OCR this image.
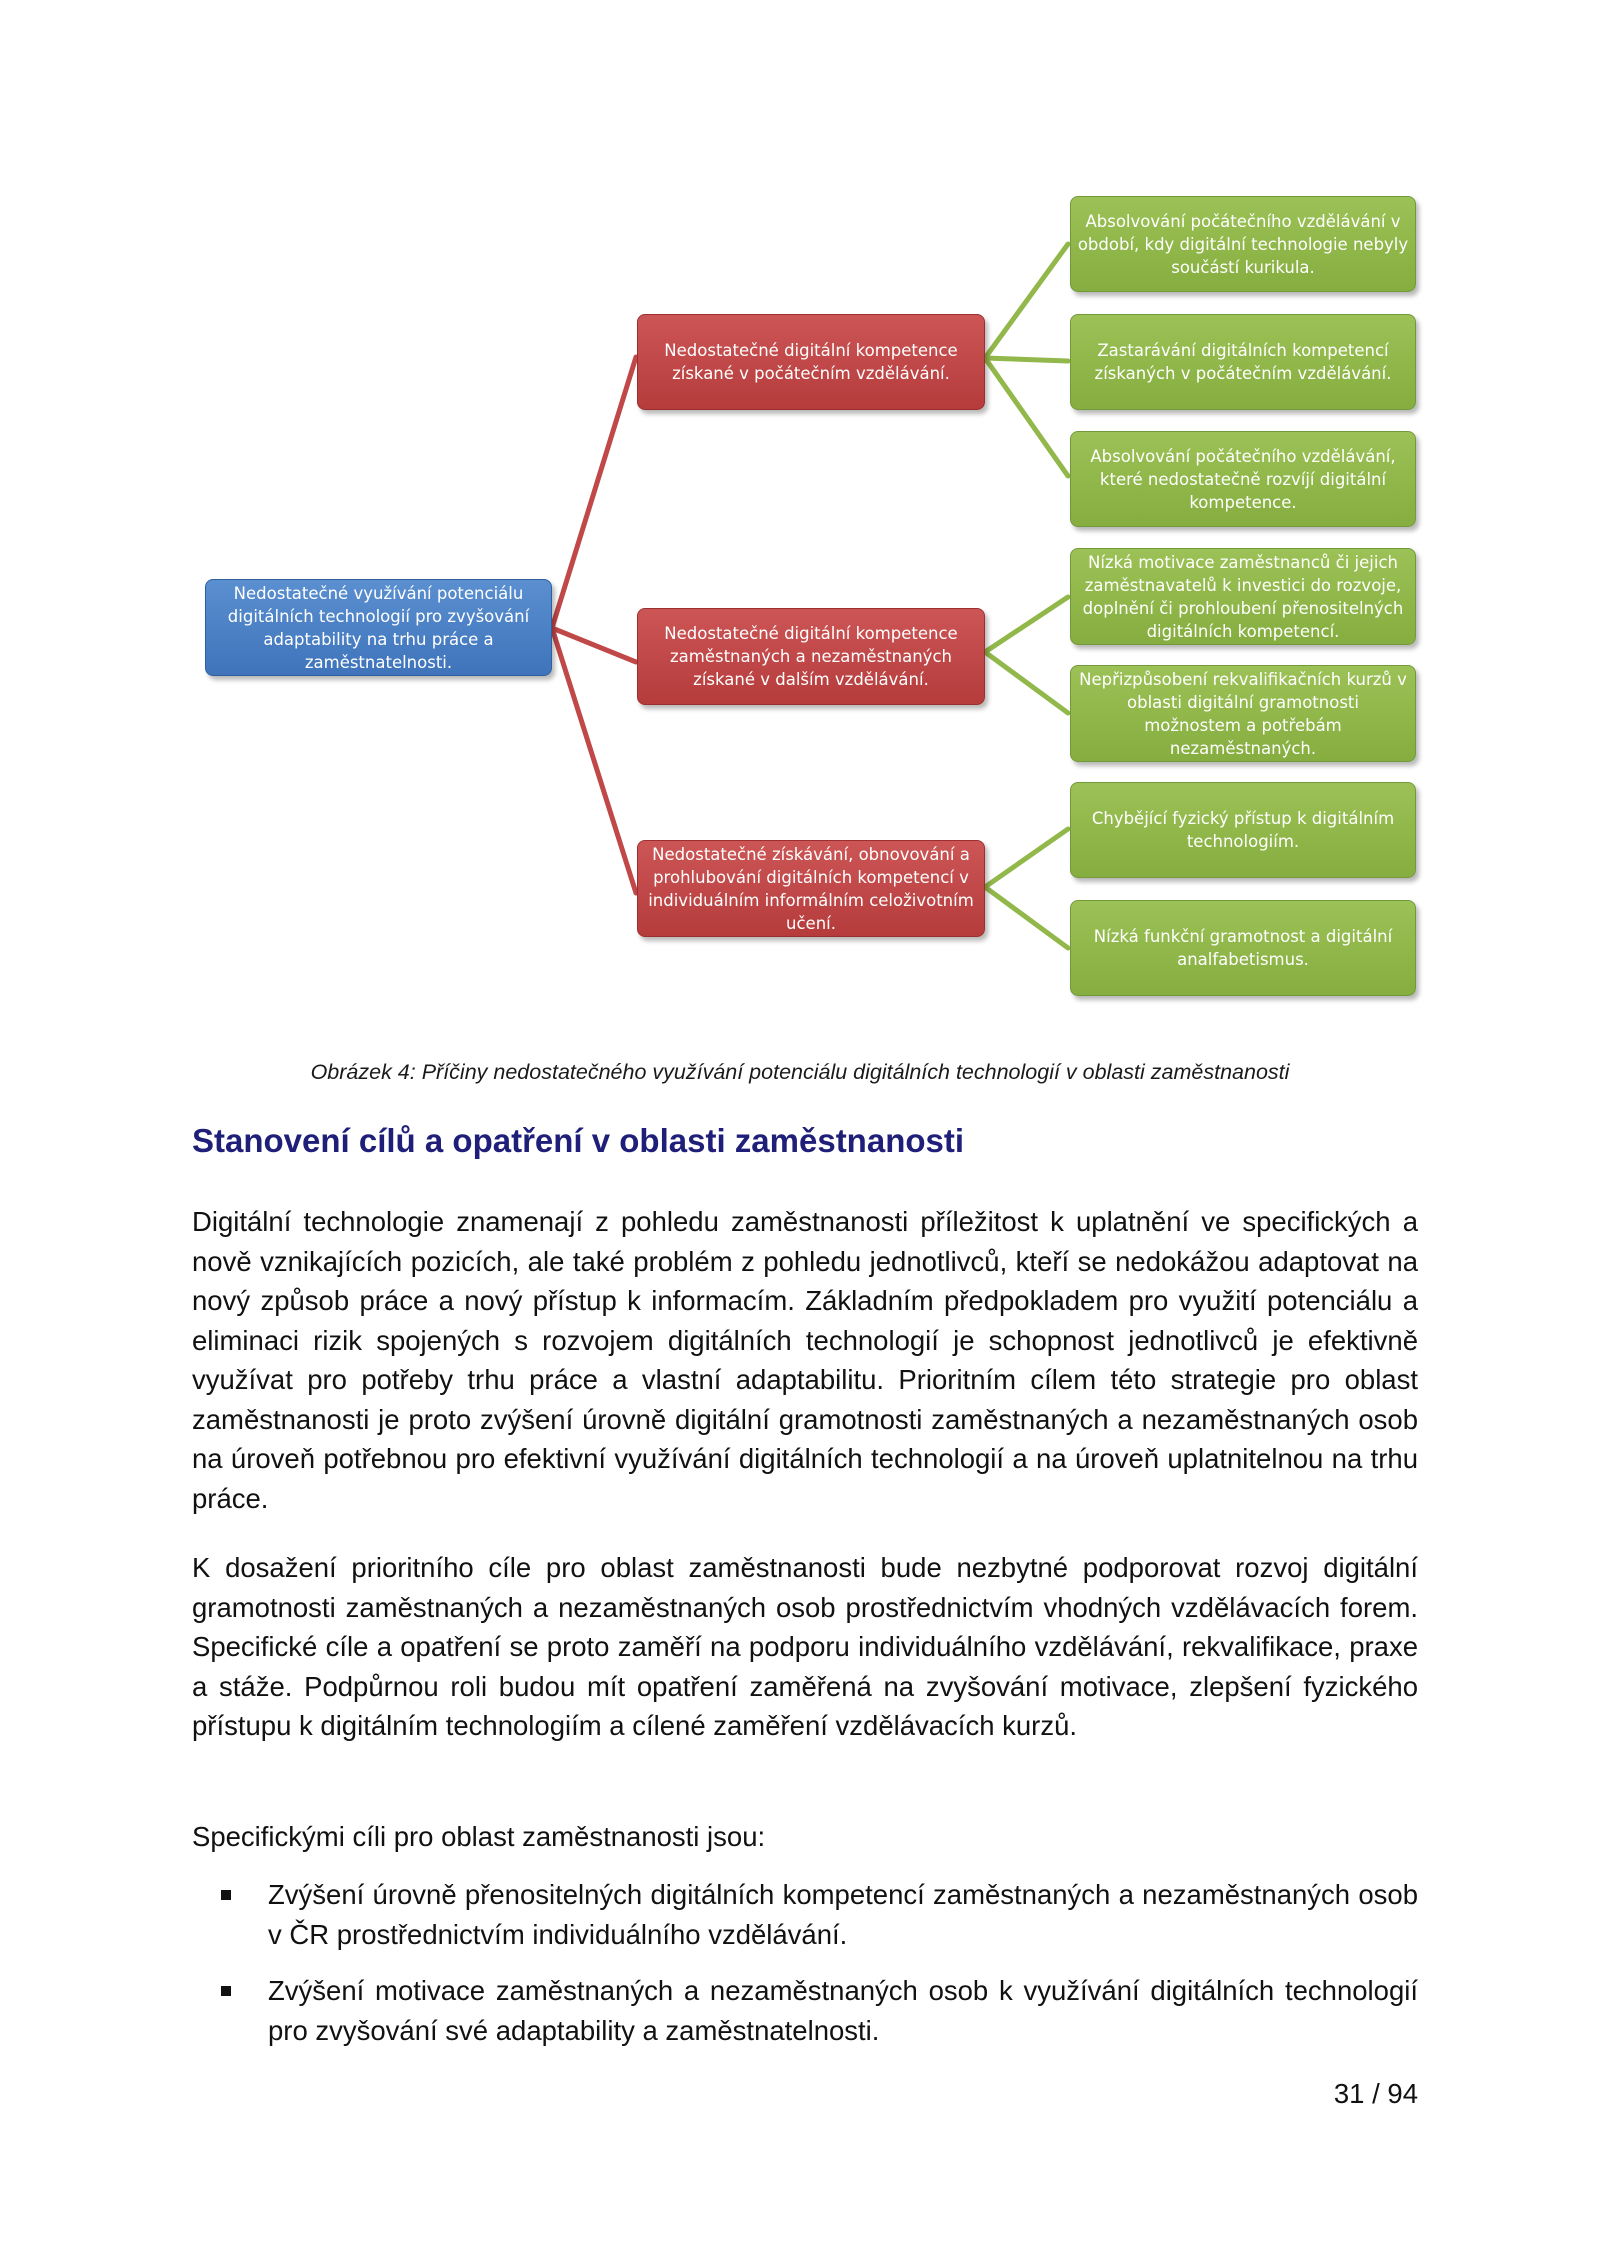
Nedostatečné využívání potenciálu digitálních technologií pro zvyšování adaptability na trhu práce a zaměstnatelnosti.
Nedostatečné digitální kompetence získané v počátečním vzdělávání.
Nedostatečné digitální kompetence zaměstnaných a nezaměstnaných získané v dalším vzdělávání.
Nedostatečné získávání, obnovování a prohlubování digitálních kompetencí v individuálním informálním celoživotním učení.
Absolvování počátečního vzdělávání v období, kdy digitální technologie nebyly součástí kurikula.
Zastarávání digitálních kompetencí získaných v počátečním vzdělávání.
Absolvování počátečního vzdělávání, které nedostatečně rozvíjí digitální kompetence.
Nízká motivace zaměstnanců či jejich zaměstnavatelů k investici do rozvoje, doplnění či prohloubení přenositelných digitálních kompetencí.
Nepřizpůsobení rekvalifikačních kurzů v oblasti digitální gramotnosti možnostem a potřebám nezaměstnaných.
Chybějící fyzický přístup k digitálním technologiím.
Nízká funkční gramotnost a digitální analfabetismus.
Obrázek 4: Příčiny nedostatečného využívání potenciálu digitálních technologií v oblasti zaměstnanosti
Stanovení cílů a opatření v oblasti zaměstnanosti

Digitální technologie znamenají z pohledu zaměstnanosti příležitost k uplatnění ve specifických a nově vznikajících pozicích, ale také problém z pohledu jednotlivců, kteří se nedokážou adaptovat na nový způsob práce a nový přístup k informacím. Základním předpokladem pro využití potenciálu a eliminaci rizik spojených s rozvojem digitálních technologií je schopnost jednotlivců je efektivně využívat pro potřeby trhu práce a vlastní adaptabilitu. Prioritním cílem této strategie pro oblast zaměstnanosti je proto zvýšení úrovně digitální gramotnosti zaměstnaných a nezaměstnaných osob na úroveň potřebnou pro efektivní využívání digitálních technologií a na úroveň uplatnitelnou na trhu práce.

K dosažení prioritního cíle pro oblast zaměstnanosti bude nezbytné podporovat rozvoj digitální gramotnosti zaměstnaných a nezaměstnaných osob prostřednictvím vhodných vzdělávacích forem. Specifické cíle a opatření se proto zaměří na podporu individuálního vzdělávání, rekvalifikace, praxe a stáže. Podpůrnou roli budou mít opatření zaměřená na zvyšování motivace, zlepšení fyzického přístupu k digitálním technologiím a cílené zaměření vzdělávacích kurzů.

Specifickými cíli pro oblast zaměstnanosti jsou:

Zvýšení úrovně přenositelných digitálních kompetencí zaměstnaných a nezaměstnaných osob v ČR prostřednictvím individuálního vzdělávání.
Zvýšení motivace zaměstnaných a nezaměstnaných osob k využívání digitálních technologií pro zvyšování své adaptability a zaměstnatelnosti.
31 / 94
